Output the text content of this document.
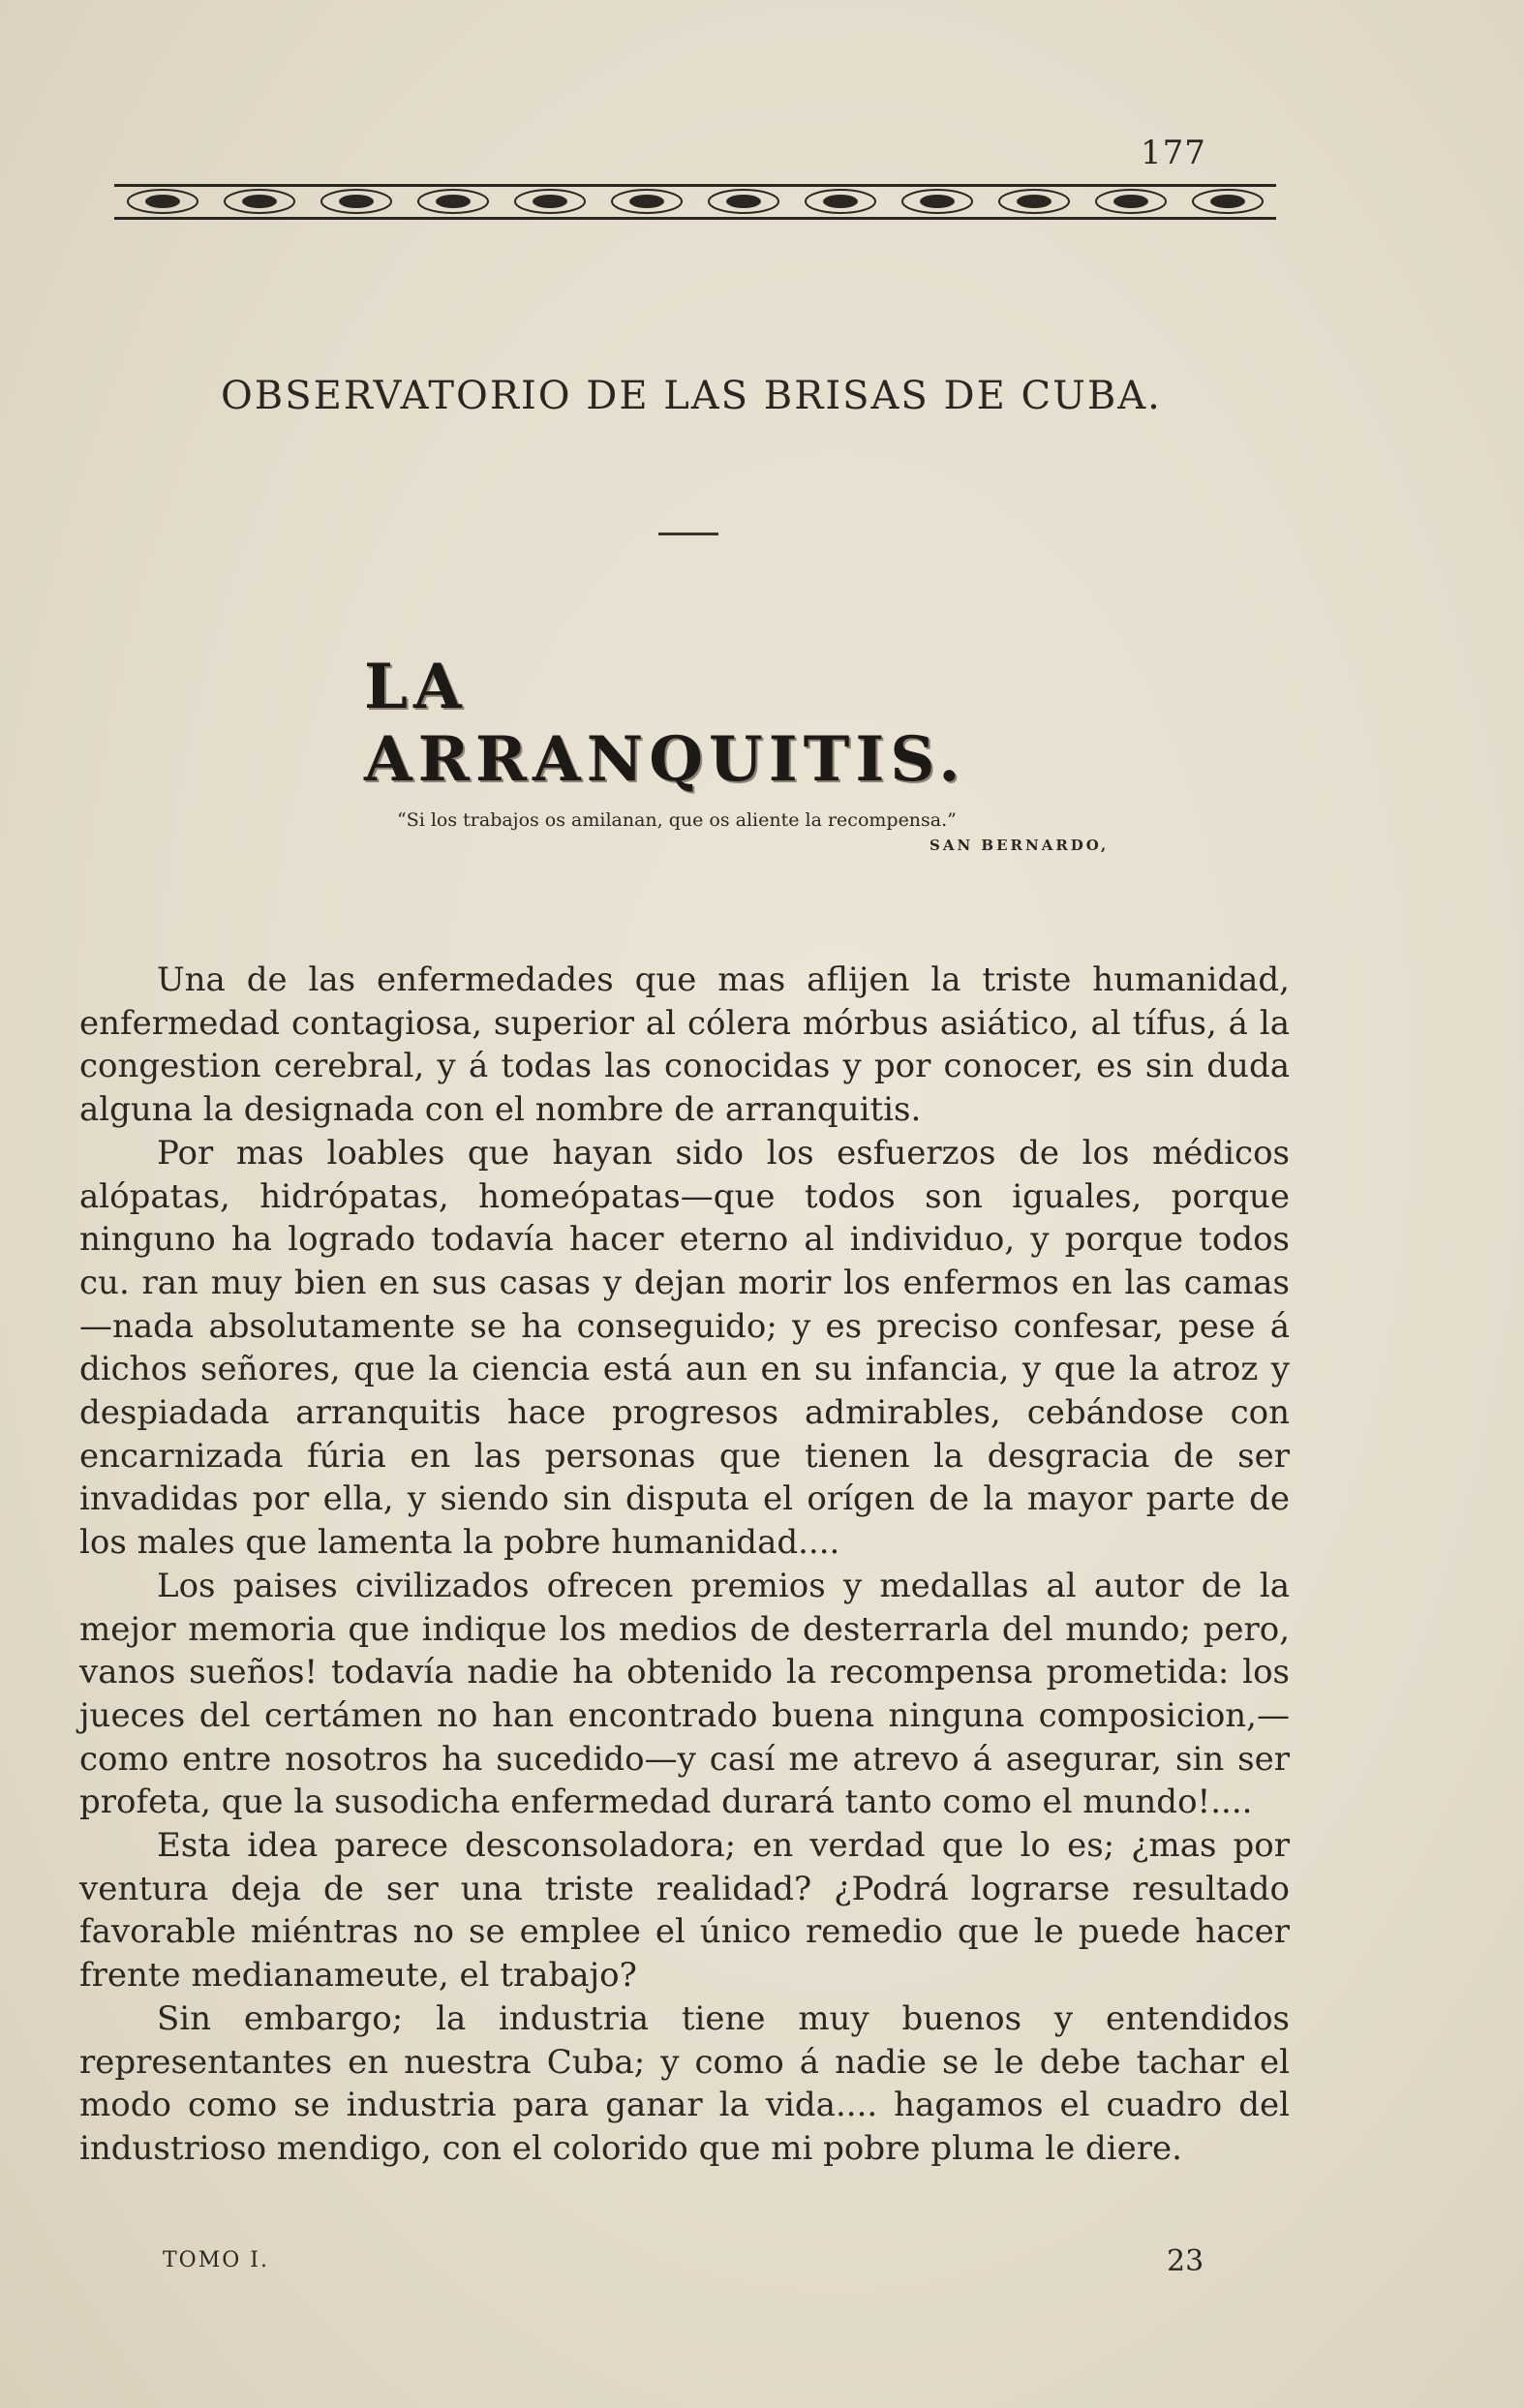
177
OBSERVATORIO DE LAS BRISAS DE CUBA.
LA ARRANQUITIS.
“Si los trabajos os amilanan, que os aliente la recompensa.”
SAN BERNARDO,

Una de las enfermedades que mas aflijen la triste humanidad, enfermedad contagiosa, superior al cólera mórbus asiático, al tífus, á la congestion cerebral, y á todas las conocidas y por conocer, es sin duda alguna la designada con el nombre de arranquitis.

Por mas loables que hayan sido los esfuerzos de los médicos alópatas, hidrópatas, homeópatas—que todos son iguales, porque ninguno ha logrado todavía hacer eterno al individuo, y porque todos cu. ran muy bien en sus casas y dejan morir los enfermos en las camas—nada absolutamente se ha conseguido; y es preciso confesar, pese á dichos señores, que la ciencia está aun en su infancia, y que la atroz y despiadada arranquitis hace progresos admirables, cebándose con encarnizada fúria en las personas que tienen la desgracia de ser invadidas por ella, y siendo sin disputa el orígen de la mayor parte de los males que lamenta la pobre humanidad....

Los paises civilizados ofrecen premios y medallas al autor de la mejor memoria que indique los medios de desterrarla del mundo; pero, vanos sueños! todavía nadie ha obtenido la recompensa prometida: los jueces del certámen no han encontrado buena ninguna composicion,—como entre nosotros ha sucedido—y casí me atrevo á asegurar, sin ser profeta, que la susodicha enfermedad durará tanto como el mundo!....

Esta idea parece desconsoladora; en verdad que lo es; ¿mas por ventura deja de ser una triste realidad? ¿Podrá lograrse resultado favorable miéntras no se emplee el único remedio que le puede hacer frente medianameute, el trabajo?

Sin embargo; la industria tiene muy buenos y entendidos representantes en nuestra Cuba; y como á nadie se le debe tachar el modo como se industria para ganar la vida.... hagamos el cuadro del industrioso mendigo, con el colorido que mi pobre pluma le diere.

TOMO I.	23
